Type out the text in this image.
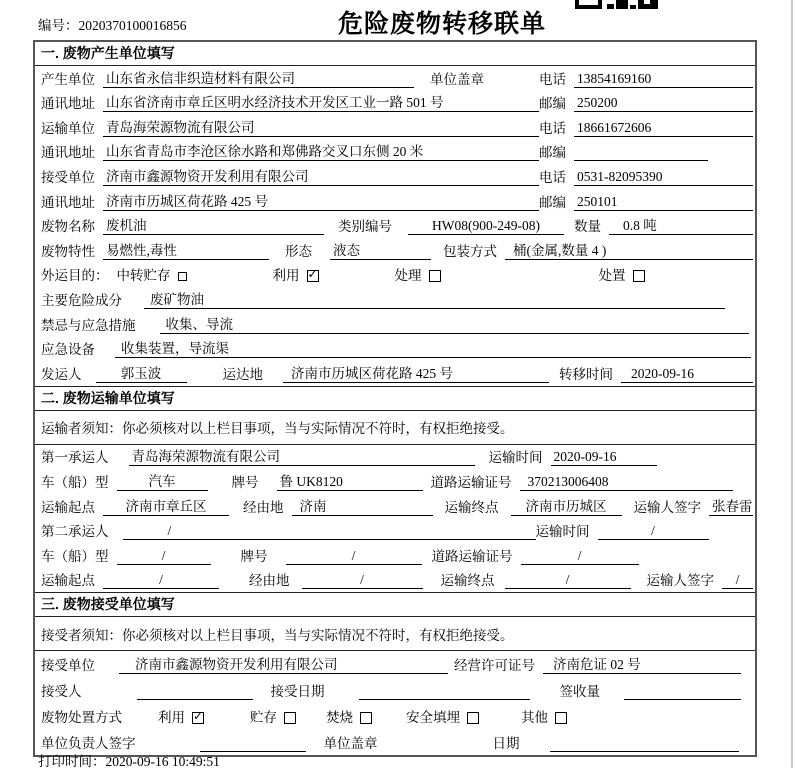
编号：2020370100016856	危险废物转移联单
一. 废物产生单位填写
产生单位 山东省永信非织造材料有限公司	单位盖章	电话 13854169160
通讯地址 山东省济南市章丘区明水经济技术开发区工业一路 501 号	邮编 250200
运输单位 青岛海荣源物流有限公司	电话 18661672606
通讯地址 山东省青岛市李沧区徐水路和郑佛路交叉口东侧 20 米	邮编
接受单位 济南市鑫源物资开发利用有限公司	电话 0531-82095390
通讯地址 济南市历城区荷花路 425 号	邮编 250101
废物名称 废机油	类别编号	HW08(900-249-08)	数量	0.8 吨
废物特性 易燃性,毒性	形态 液态	包装方式	桶(金属,数量 4 )
外运目的： 中转贮存	利用 ✓	处理	处置
主要危险成分	废矿物油
禁忌与应急措施	收集、导流
应急设备	收集装置，导流渠
发运人	郭玉波	运达地	济南市历城区荷花路 425 号	转移时间	2020-09-16
二. 废物运输单位填写
运输者须知：你必须核对以上栏目事项，当与实际情况不符时，有权拒绝接受。
第一承运人 青岛海荣源物流有限公司	运输时间 2020-09-16
车（船）型	汽车	牌号 鲁 UK8120	道路运输证号	370213006408
运输起点	济南市章丘区	经由地	济南	运输终点	济南市历城区	运输人签字 张春雷
第二承运人	/	运输时间	/
车（船）型	/	牌号	/	道路运输证号	/
运输起点	/	经由地	/	运输终点	/	运输人签字	/
三. 废物接受单位填写
接受者须知：你必须核对以上栏目事项，当与实际情况不符时，有权拒绝接受。
接受单位	济南市鑫源物资开发利用有限公司	经营许可证号	济南危证 02 号
接受人	接受日期	签收量
废物处置方式	利用 ✓	贮存	焚烧	安全填埋	其他
单位负责人签字	单位盖章	日期
打印时间：2020-09-16 10:49:51
